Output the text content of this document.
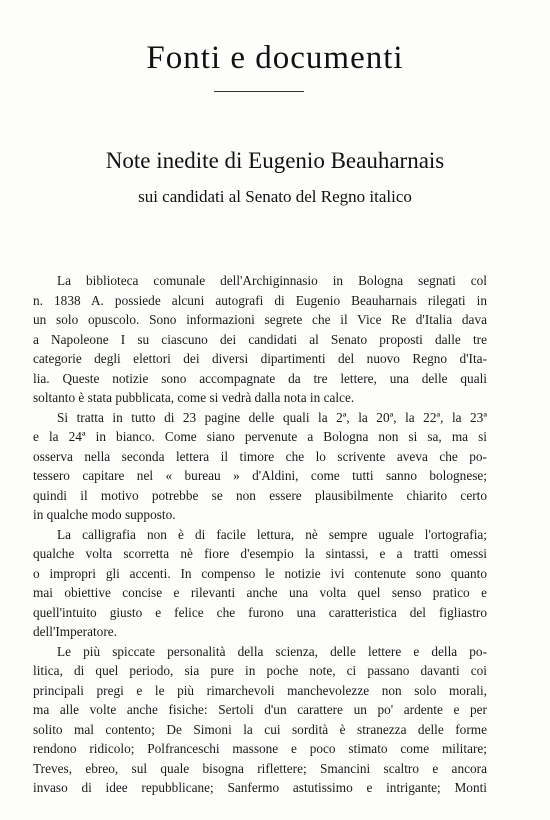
Fonti e documenti
Note inedite di Eugenio Beauharnais
sui candidati al Senato del Regno italico
La biblioteca comunale dell'Archiginnasio in Bologna segnati col
n. 1838 A. possiede alcuni autografi di Eugenio Beauharnais rilegati in
un solo opuscolo. Sono informazioni segrete che il Vice Re d'Italia dava
a Napoleone I su ciascuno dei candidati al Senato proposti dalle tre
categorie degli elettori dei diversi dipartimenti del nuovo Regno d'Ita-
lia. Queste notizie sono accompagnate da tre lettere, una delle quali
soltanto è stata pubblicata, come si vedrà dalla nota in calce.
Si tratta in tutto di 23 pagine delle quali la 2ª, la 20ª, la 22ª, la 23ª
e la 24ª in bianco. Come siano pervenute a Bologna non si sa, ma si
osserva nella seconda lettera il timore che lo scrivente aveva che po-
tessero capitare nel « bureau » d'Aldini, come tutti sanno bolognese;
quindi il motivo potrebbe se non essere plausibilmente chiarito certo
in qualche modo supposto.
La calligrafia non è di facile lettura, nè sempre uguale l'ortografia;
qualche volta scorretta nè fiore d'esempio la sintassi, e a tratti omessi
o impropri gli accenti. In compenso le notizie ivi contenute sono quanto
mai obiettive concise e rilevanti anche una volta quel senso pratico e
quell'intuito giusto e felice che furono una caratteristica del figliastro
dell'Imperatore.
Le più spiccate personalità della scienza, delle lettere e della po-
litica, di quel periodo, sia pure in poche note, ci passano davanti coi
principali pregi e le più rimarchevoli manchevolezze non solo morali,
ma alle volte anche fisiche: Sertoli d'un carattere un po' ardente e per
solito mal contento; De Simoni la cui sordità è stranezza delle forme
rendono ridicolo; Polfranceschi massone e poco stimato come militare;
Treves, ebreo, sul quale bisogna riflettere; Smancini scaltro e ancora
invaso di idee repubblicane; Sanfermo astutissimo e intrigante; Monti
